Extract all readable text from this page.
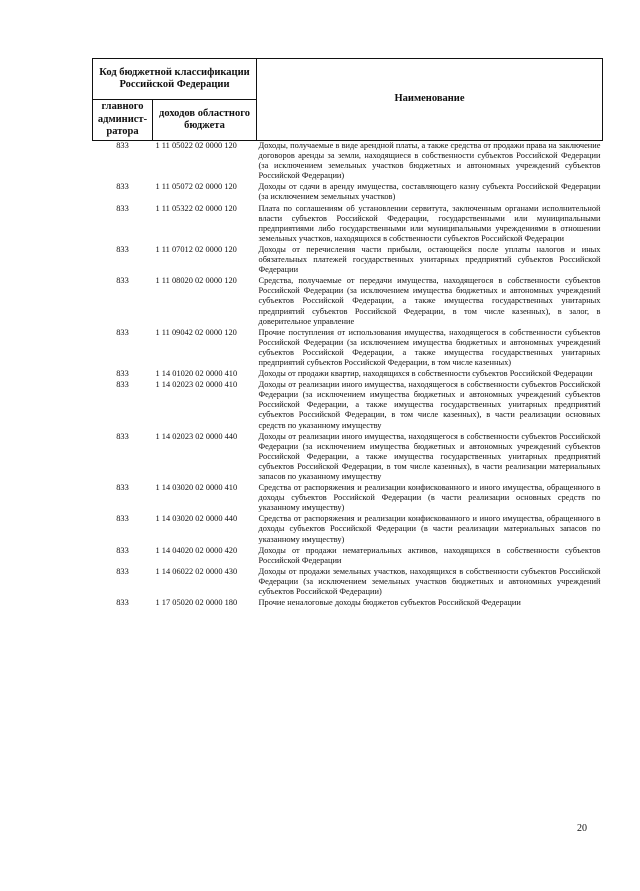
Код бюджетной классификации Российской Федерации		Наименование
главного админист-ратора	доходов областного бюджета	
833	1 11 05022 02 0000 120	Доходы, получаемые в виде арендной платы, а также средства от продажи права на заключение договоров аренды за земли, находящиеся в собственности субъектов Российской Федерации (за исключением земельных участков бюджетных и автономных учреждений субъектов Российской Федерации)
833	1 11 05072 02 0000 120	Доходы от сдачи в аренду имущества, составляющего казну субъекта Российской Федерации (за исключением земельных участков)
833	1 11 05322 02 0000 120	Плата по соглашениям об установлении сервитута, заключенным органами исполнительной власти субъектов Российской Федерации, государственными или муниципальными предприятиями либо государственными или муниципальными учреждениями в отношении земельных участков, находящихся в собственности субъектов Российской Федерации
833	1 11 07012 02 0000 120	Доходы от перечисления части прибыли, остающейся после уплаты налогов и иных обязательных платежей государственных унитарных предприятий субъектов Российской Федерации
833	1 11 08020 02 0000 120	Средства, получаемые от передачи имущества, находящегося в собственности субъектов Российской Федерации (за исключением имущества бюджетных и автономных учреждений субъектов Российской Федерации, а также имущества государственных унитарных предприятий субъектов Российской Федерации, в том числе казенных), в залог, в доверительное управление
833	1 11 09042 02 0000 120	Прочие поступления от использования имущества, находящегося в собственности субъектов Российской Федерации (за исключением имущества бюджетных и автономных учреждений субъектов Российской Федерации, а также имущества государственных унитарных предприятий субъектов Российской Федерации, в том числе казенных)
833	1 14 01020 02 0000 410	Доходы от продажи квартир, находящихся в собственности субъектов Российской Федерации
833	1 14 02023 02 0000 410	Доходы от реализации иного имущества, находящегося в собственности субъектов Российской Федерации (за исключением имущества бюджетных и автономных учреждений субъектов Российской Федерации, а также имущества государственных унитарных предприятий субъектов Российской Федерации, в том числе казенных), в части реализации основных средств по указанному имуществу
833	1 14 02023 02 0000 440	Доходы от реализации иного имущества, находящегося в собственности субъектов Российской Федерации (за исключением имущества бюджетных и автономных учреждений субъектов Российской Федерации, а также имущества государственных унитарных предприятий субъектов Российской Федерации, в том числе казенных), в части реализации материальных запасов по указанному имуществу
833	1 14 03020 02 0000 410	Средства от распоряжения и реализации конфискованного и иного имущества, обращенного в доходы субъектов Российской Федерации (в части реализации основных средств по указанному имуществу)
833	1 14 03020 02 0000 440	Средства от распоряжения и реализации конфискованного и иного имущества, обращенного в доходы субъектов Российской Федерации (в части реализации материальных запасов по указанному имуществу)
833	1 14 04020 02 0000 420	Доходы от продажи нематериальных активов, находящихся в собственности субъектов Российской Федерации
833	1 14 06022 02 0000 430	Доходы от продажи земельных участков, находящихся в собственности субъектов Российской Федерации (за исключением земельных участков бюджетных и автономных учреждений субъектов Российской Федерации)
833	1 17 05020 02 0000 180	Прочие неналоговые доходы бюджетов субъектов Российской Федерации
20
